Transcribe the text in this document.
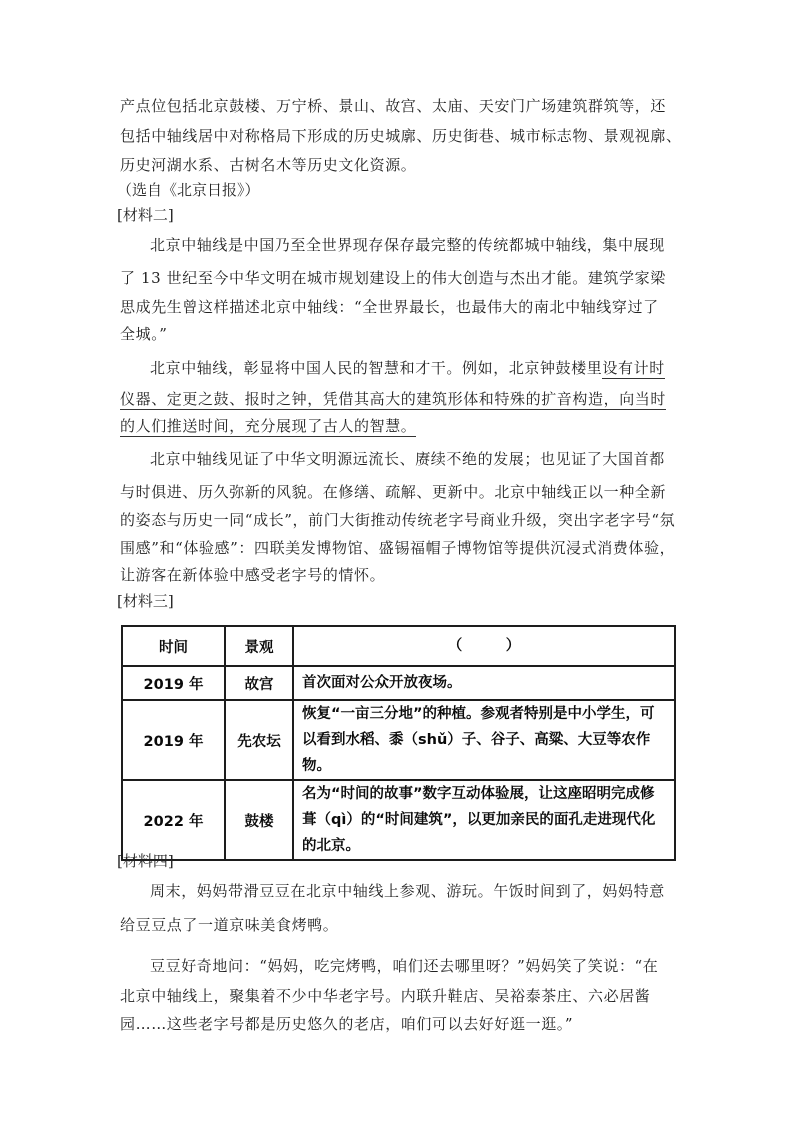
产点位包括北京鼓楼、万宁桥、景山、故宫、太庙、天安门广场建筑群筑等，还
包括中轴线居中对称格局下形成的历史城廓、历史街巷、城市标志物、景观视廓、
历史河湖水系、古树名木等历史文化资源。
（选自《北京日报》）
[材料二]
北京中轴线是中国乃至全世界现存保存最完整的传统都城中轴线，集中展现
了 13 世纪至今中华文明在城市规划建设上的伟大创造与杰出才能。建筑学家梁
思成先生曾这样描述北京中轴线：“全世界最长，也最伟大的南北中轴线穿过了
全城。”
北京中轴线，彰显将中国人民的智慧和才干。例如，北京钟鼓楼里设有计时
仪器、定更之鼓、报时之钟，凭借其高大的建筑形体和特殊的扩音构造，向当时
的人们推送时间，充分展现了古人的智慧。
北京中轴线见证了中华文明源远流长、赓续不绝的发展；也见证了大国首都
与时俱进、历久弥新的风貌。在修缮、疏解、更新中。北京中轴线正以一种全新
的姿态与历史一同“成长”，前门大街推动传统老字号商业升级，突出字老字号“氛
围感”和“体验感”：四联美发博物馆、盛锡福帽子博物馆等提供沉浸式消费体验，
让游客在新体验中感受老字号的情怀。
[材料三]
时间	景观	（　　　）
2019 年	故宫	首次面对公众开放夜场。
2019 年	先农坛	恢复“一亩三分地”的种植。参观者特别是中小学生，可以看到水稻、黍（shǔ）子、谷子、高粱、大豆等农作物。
2022 年	鼓楼	名为“时间的故事”数字互动体验展，让这座昭明完成修葺（qì）的“时间建筑”，以更加亲民的面孔走进现代化的北京。
[材料四]
周末，妈妈带滑豆豆在北京中轴线上参观、游玩。午饭时间到了，妈妈特意
给豆豆点了一道京味美食烤鸭。
豆豆好奇地问：“妈妈，吃完烤鸭，咱们还去哪里呀？”妈妈笑了笑说：“在
北京中轴线上，聚集着不少中华老字号。内联升鞋店、吴裕泰茶庄、六必居酱
园……这些老字号都是历史悠久的老店，咱们可以去好好逛一逛。”
